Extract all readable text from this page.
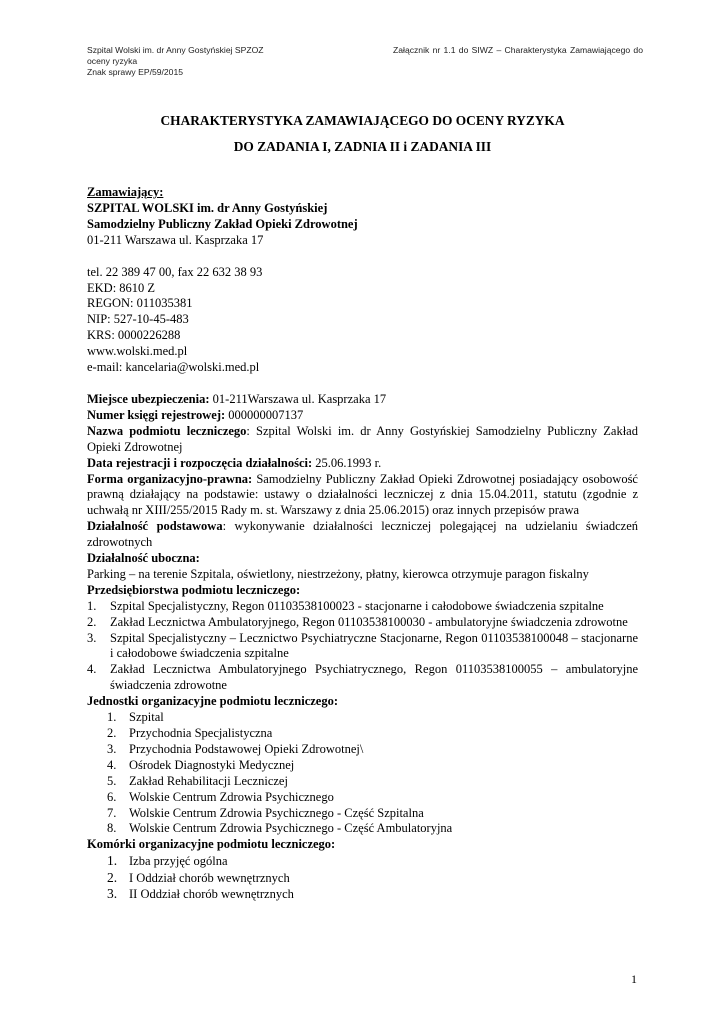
Szpital Wolski im. dr Anny Gostyńskiej SPZOZ
oceny ryzyka
Znak sprawy EP/59/2015
Załącznik nr 1.1 do SIWZ – Charakterystyka Zamawiającego do
CHARAKTERYSTYKA ZAMAWIAJĄCEGO DO OCENY RYZYKA
DO ZADANIA I, ZADNIA II i ZADANIA III

Zamawiający:

SZPITAL WOLSKI im. dr Anny Gostyńskiej

Samodzielny Publiczny Zakład Opieki Zdrowotnej

01-211 Warszawa ul. Kasprzaka 17

tel. 22 389 47 00, fax 22 632 38 93

EKD: 8610 Z

REGON: 011035381

NIP: 527-10-45-483

KRS: 0000226288

www.wolski.med.pl

e-mail: kancelaria@wolski.med.pl

Miejsce ubezpieczenia: 01-211Warszawa ul. Kasprzaka 17

Numer księgi rejestrowej: 000000007137

Nazwa podmiotu leczniczego: Szpital Wolski im. dr Anny Gostyńskiej Samodzielny Publiczny Zakład Opieki Zdrowotnej

Data rejestracji i rozpoczęcia działalności: 25.06.1993 r.

Forma organizacyjno-prawna: Samodzielny Publiczny Zakład Opieki Zdrowotnej posiadający osobowość prawną działający na podstawie: ustawy o działalności leczniczej z dnia 15.04.2011, statutu (zgodnie z uchwałą nr XIII/255/2015 Rady m. st. Warszawy z dnia 25.06.2015) oraz innych przepisów prawa

Działalność podstawowa: wykonywanie działalności leczniczej polegającej na udzielaniu świadczeń zdrowotnych

Działalność uboczna:

Parking – na terenie Szpitala, oświetlony, niestrzeżony, płatny, kierowca otrzymuje paragon fiskalny

Przedsiębiorstwa podmiotu leczniczego:

1. Szpital Specjalistyczny, Regon 01103538100023 - stacjonarne i całodobowe świadczenia szpitalne
2. Zakład Lecznictwa Ambulatoryjnego, Regon 01103538100030 - ambulatoryjne świadczenia zdrowotne
3. Szpital Specjalistyczny – Lecznictwo Psychiatryczne Stacjonarne, Regon 01103538100048 – stacjonarne i całodobowe świadczenia szpitalne
4. Zakład Lecznictwa Ambulatoryjnego Psychiatrycznego, Regon 01103538100055 – ambulatoryjne świadczenia zdrowotne

Jednostki organizacyjne podmiotu leczniczego:

1. Szpital
2. Przychodnia Specjalistyczna
3. Przychodnia Podstawowej Opieki Zdrowotnej\
4. Ośrodek Diagnostyki Medycznej
5. Zakład Rehabilitacji Leczniczej
6. Wolskie Centrum Zdrowia Psychicznego
7. Wolskie Centrum Zdrowia Psychicznego - Część Szpitalna
8. Wolskie Centrum Zdrowia Psychicznego - Część Ambulatoryjna

Komórki organizacyjne podmiotu leczniczego:

1. Izba przyjęć ogólna
2. I Oddział chorób wewnętrznych
3. II Oddział chorób wewnętrznych
1
